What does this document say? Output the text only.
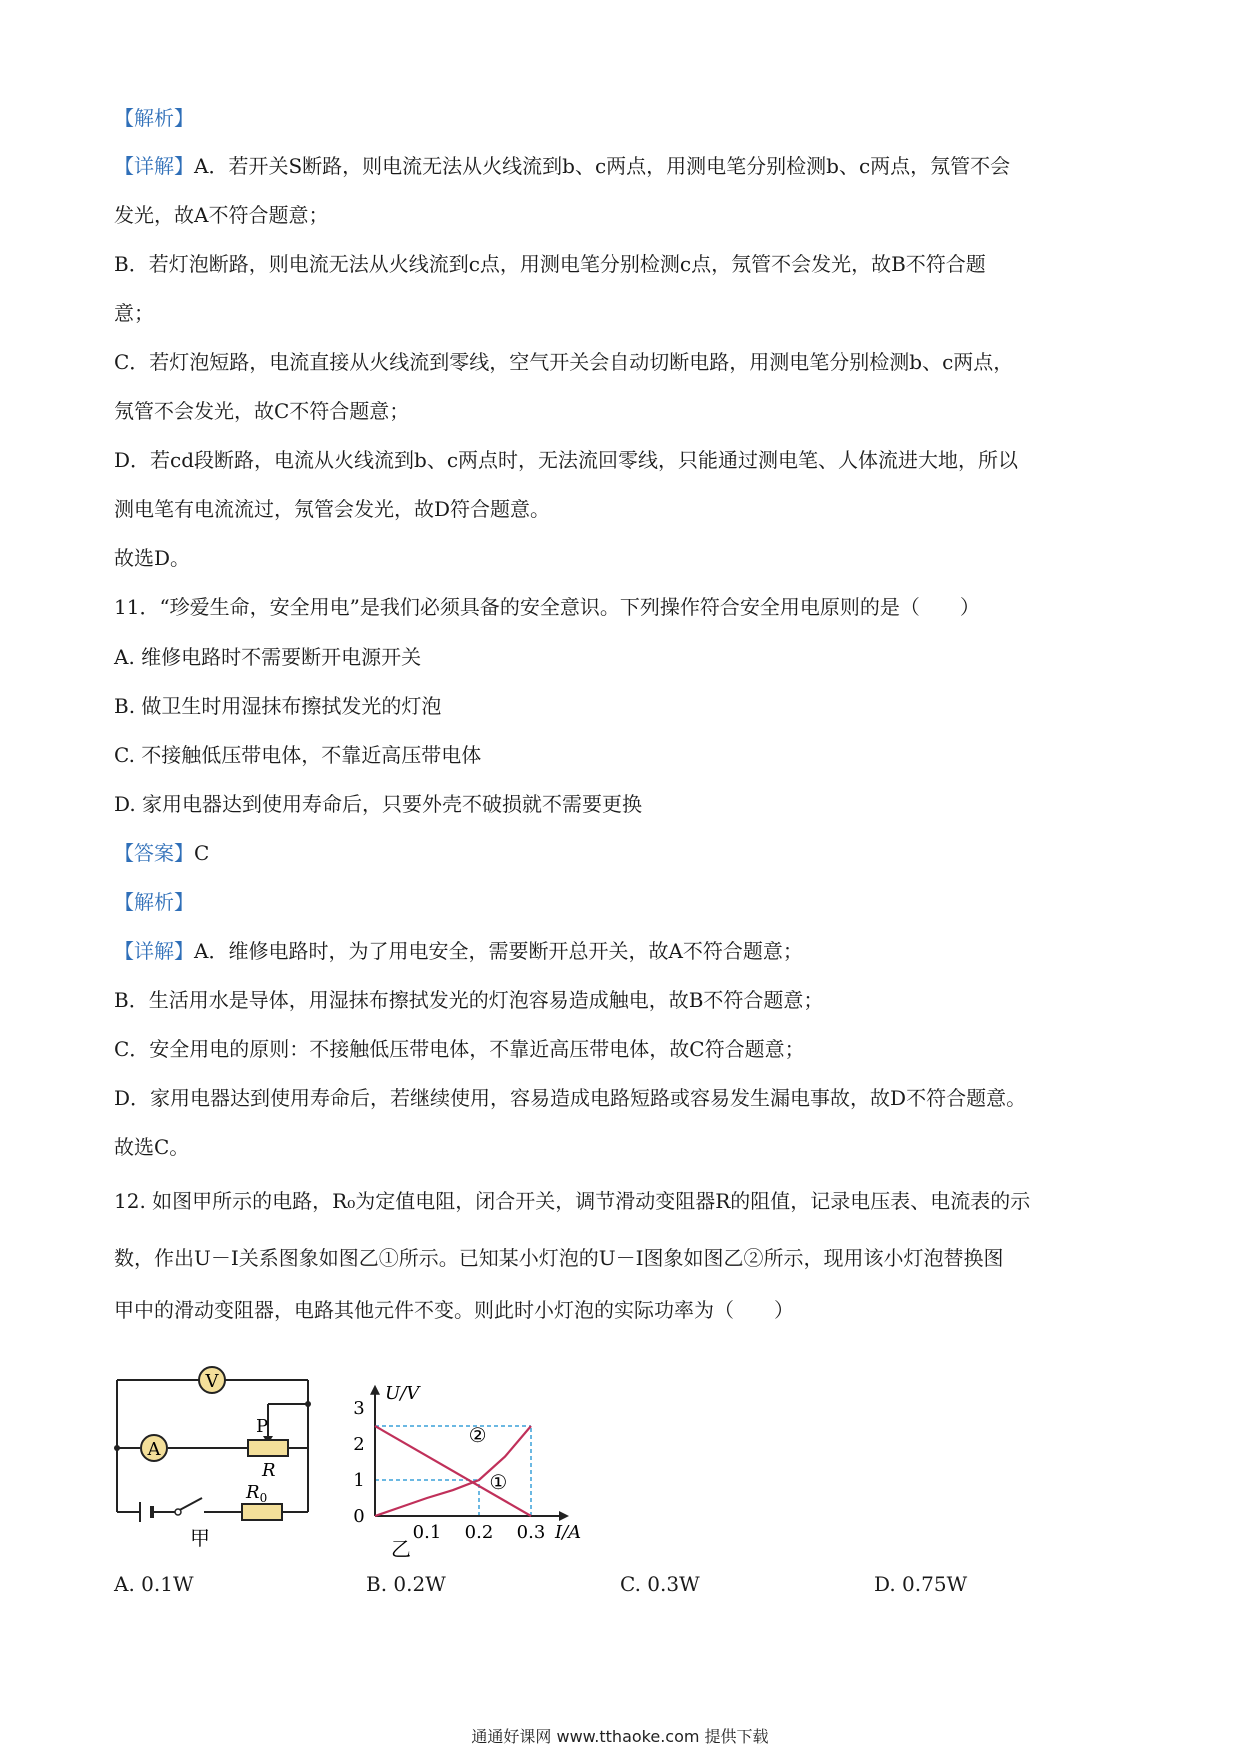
【解析】
【详解】A．若开关S断路，则电流无法从火线流到b、c两点，用测电笔分别检测b、c两点，氖管不会
发光，故A不符合题意；
B．若灯泡断路，则电流无法从火线流到c点，用测电笔分别检测c点，氖管不会发光，故B不符合题
意；
C．若灯泡短路，电流直接从火线流到零线，空气开关会自动切断电路，用测电笔分别检测b、c两点，
氖管不会发光，故C不符合题意；
D．若cd段断路，电流从火线流到b、c两点时，无法流回零线，只能通过测电笔、人体流进大地，所以
测电笔有电流流过，氖管会发光，故D符合题意。
故选D。
11．“珍爱生命，安全用电”是我们必须具备的安全意识。下列操作符合安全用电原则的是（　　）
A. 维修电路时不需要断开电源开关
B. 做卫生时用湿抹布擦拭发光的灯泡
C. 不接触低压带电体，不靠近高压带电体
D. 家用电器达到使用寿命后，只要外壳不破损就不需要更换
【答案】C
【解析】
【详解】A．维修电路时，为了用电安全，需要断开总开关，故A不符合题意；
B．生活用水是导体，用湿抹布擦拭发光的灯泡容易造成触电，故B不符合题意；
C．安全用电的原则：不接触低压带电体，不靠近高压带电体，故C符合题意；
D．家用电器达到使用寿命后，若继续使用，容易造成电路短路或容易发生漏电事故，故D不符合题意。
故选C。
12. 如图甲所示的电路，R₀为定值电阻，闭合开关，调节滑动变阻器R的阻值，记录电压表、电流表的示
数，作出U－I关系图象如图乙①所示。已知某小灯泡的U－I图象如图乙②所示，现用该小灯泡替换图
甲中的滑动变阻器，电路其他元件不变。则此时小灯泡的实际功率为（　　）
V
A
P
R
$R_0$
甲
U/V
I/A
乙
0.1 0.2 0.3
0
1
2
3
①
②
A. 0.1W	B. 0.2W	C. 0.3W	D. 0.75W
通通好课网 www.tthaoke.com 提供下载
